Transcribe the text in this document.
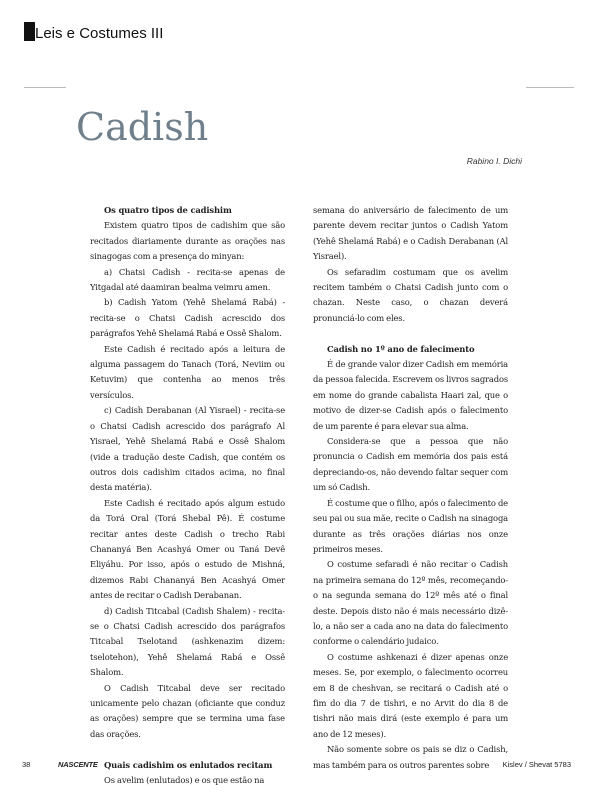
Leis e Costumes III
Cadish
Rabino I. Dichi
Os quatro tipos de cadishim

Existem quatro tipos de cadishim que são recitados diariamente durante as orações nas sinagogas com a presença do minyan:

a) Chatsi Cadish - recita-se apenas de Yitgadal até daamiran bealma veimru amen.

b) Cadish Yatom (Yehê Shelamá Rabá) - recita-se o Chatsi Cadish acrescido dos parágrafos Yehê Shelamá Rabá e Ossê Shalom.

Este Cadish é recitado após a leitura de alguma passagem do Tanach (Torá, Neviim ou Ketuvim) que contenha ao menos três versículos.

c) Cadish Derabanan (Al Yisrael) - recita-se o Chatsi Cadish acrescido dos parágrafo Al Yisrael, Yehê Shelamá Rabá e Ossê Shalom (vide a tradução deste Cadish, que contém os outros dois cadishim citados acima, no final desta matéria).

Este Cadish é recitado após algum estudo da Torá Oral (Torá Shebal Pê). É costume recitar antes deste Cadish o trecho Rabi Chananyá Ben Acashyá Omer ou Taná Devê Eliyáhu. Por isso, após o estudo de Mishná, dizemos Rabi Chananyá Ben Acashyá Omer antes de recitar o Cadish Derabanan.

d) Cadish Titcabal (Cadish Shalem) - recita-se o Chatsi Cadish acrescido dos parágrafos Titcabal Tselotand (ashkenazim dizem: tselotehon), Yehê Shelamá Rabá e Ossê Shalom.

O Cadish Titcabal deve ser recitado unicamente pelo chazan (oficiante que conduz as orações) sempre que se termina uma fase das orações.

Quais cadishim os enlutados recitam

Os avelim (enlutados) e os que estão na

semana do aniversário de falecimento de um parente devem recitar juntos o Cadish Yatom (Yehê Shelamá Rabá) e o Cadish Derabanan (Al Yisrael).

Os sefaradim costumam que os avelim recitem também o Chatsi Cadish junto com o chazan. Neste caso, o chazan deverá pronunciá-lo com eles.

Cadish no 1º ano de falecimento

É de grande valor dizer Cadish em memória da pessoa falecida. Escrevem os livros sagrados em nome do grande cabalista Haari zal, que o motivo de dizer-se Cadish após o falecimento de um parente é para elevar sua alma.

Considera-se que a pessoa que não pronuncia o Cadish em memória dos pais está depreciando-os, não devendo faltar sequer com um só Cadish.

É costume que o filho, após o falecimento de seu pai ou sua mãe, recite o Cadish na sinagoga durante as três orações diárias nos onze primeiros meses.

O costume sefaradi é não recitar o Cadish na primeira semana do 12º mês, recomeçando-o na segunda semana do 12º mês até o final deste. Depois disto não é mais necessário dizê-lo, a não ser a cada ano na data do falecimento conforme o calendário judaico.

O costume ashkenazi é dizer apenas onze meses. Se, por exemplo, o falecimento ocorreu em 8 de cheshvan, se recitará o Cadish até o fim do dia 7 de tishri, e no Arvit do dia 8 de tishri não mais dirá (este exemplo é para um ano de 12 meses).

Não somente sobre os pais se diz o Cadish, mas também para os outros parentes sobre

38	NASCENTE	Kislev / Shevat 5783
